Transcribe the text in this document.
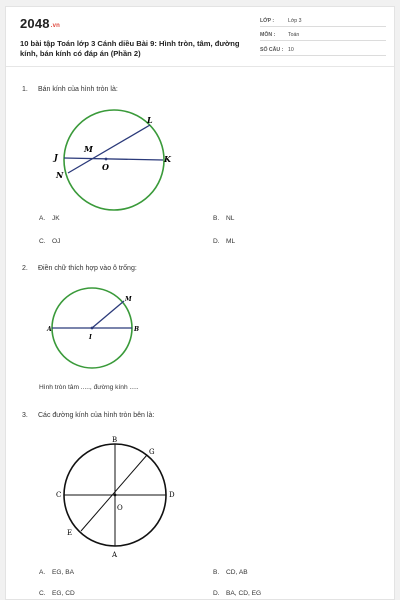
2048.vn
10 bài tập Toán lớp 3 Cánh diều Bài 9: Hình tròn, tâm, đường kính, bán kính có đáp án (Phần 2)
LỚP :	Lớp 3
MÔN : Toán
SỐ CÂU : 10
1. Bán kính của hình tròn là:
L
M
J
O
K
N
A. JK	B. NL
C. OJ	D. ML
2. Điền chữ thích hợp vào ô trống:
M
A
I
B
Hình tròn tâm ....., đường kính .....
3. Các đường kính của hình tròn bên là:
B
G
C	D
O
E
A
A. EG, BA	B. CD, AB
C. EG, CD	D. BA, CD, EG
